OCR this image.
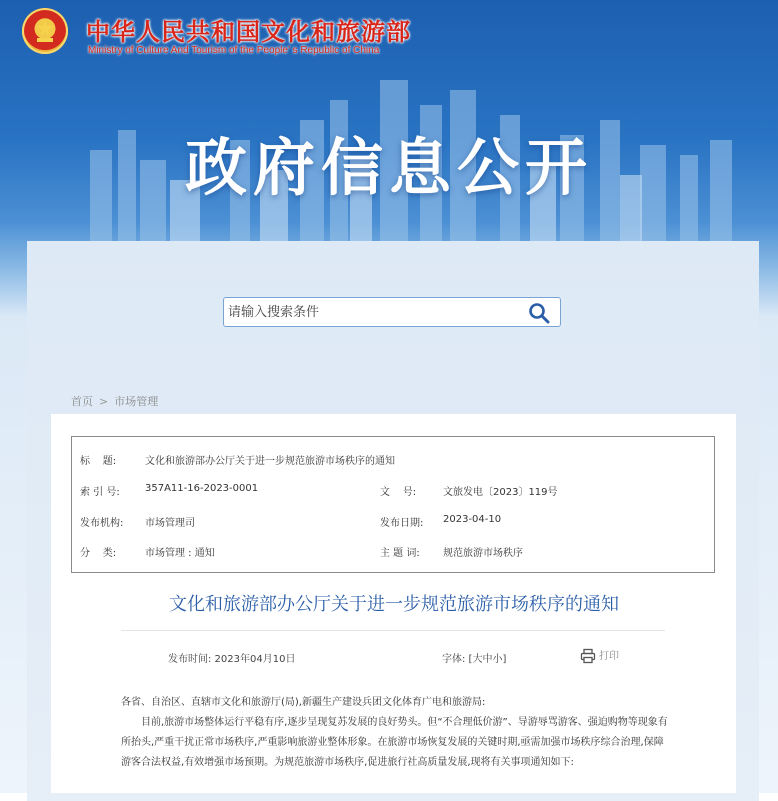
中华人民共和国文化和旅游部
Ministry of Culture And Tourism of the People’ s Republic of China
政府信息公开
请输入搜索条件
首页 > 市场管理
标    题:	文化和旅游部办公厅关于进一步规范旅游市场秩序的通知
索 引 号:	357A11-16-2023-0001	文    号:	文旅发电〔2023〕119号
发布机构: 市场管理司	发布日期: 2023-04-10
分    类:	市场管理 : 通知	主 题 词: 规范旅游市场秩序
文化和旅游部办公厅关于进一步规范旅游市场秩序的通知
发布时间: 2023年04月10日	字体: [大中小]	打印
各省、自治区、直辖市文化和旅游厅(局),新疆生产建设兵团文化体育广电和旅游局:
目前,旅游市场整体运行平稳有序,逐步呈现复苏发展的良好势头。但“不合理低价游”、导游辱骂游客、强迫购物等现象有所抬头,严重干扰正常市场秩序,严重影响旅游业整体形象。在旅游市场恢复发展的关键时期,亟需加强市场秩序综合治理,保障游客合法权益,有效增强市场预期。为规范旅游市场秩序,促进旅行社高质量发展,现将有关事项通知如下:
